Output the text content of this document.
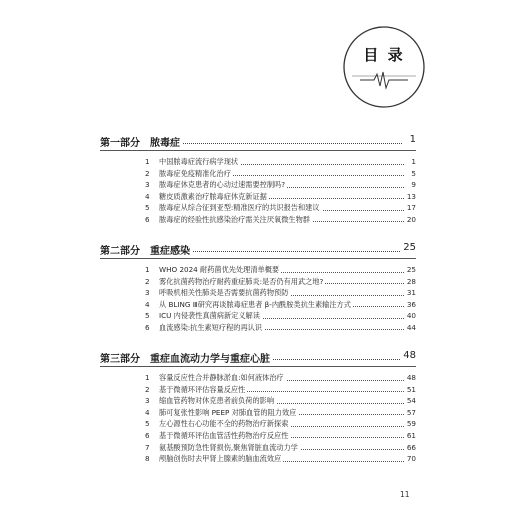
目 录
第一部分 脓毒症	1
1	中国脓毒症流行病学现状	1
2	脓毒症免疫精准化治疗	5
3	脓毒症休克患者的心动过速需要控制吗?	9
4	糖皮质激素治疗脓毒症休克新证据	13
5	脓毒症从综合征到亚型:精准医疗的共识报告和建议	17
6	脓毒症的经验性抗感染治疗需关注厌氧微生物群	20
第二部分 重症感染	25
1	WHO 2024 耐药菌优先处理清单概要	25
2	雾化抗菌药物治疗耐药重症肺炎:是否仍有用武之地?	28
3	呼吸机相关性肺炎是否需要抗菌药物预防	31
4	从 BLING Ⅲ研究再谈脓毒症患者 β-内酰胺类抗生素输注方式	36
5	ICU 内侵袭性真菌病新定义解读	40
6	血流感染:抗生素短疗程的再认识	44
第三部分 重症血流动力学与重症心脏	48
1	容量反应性合并静脉淤血:如何液体治疗	48
2	基于微循环评估容量反应性	51
3	缩血管药物对休克患者前负荷的影响	54
4	肺可复张性影响 PEEP 对肺血管的阻力效应	57
5	左心源性右心功能不全的药物治疗新探索	59
6	基于微循环评估血管活性药物治疗反应性	61
7	氨基酸预防急性肾损伤,聚焦肾脏血流动力学	66
8	颅脑创伤时去甲肾上腺素的脑血流效应	70
11
